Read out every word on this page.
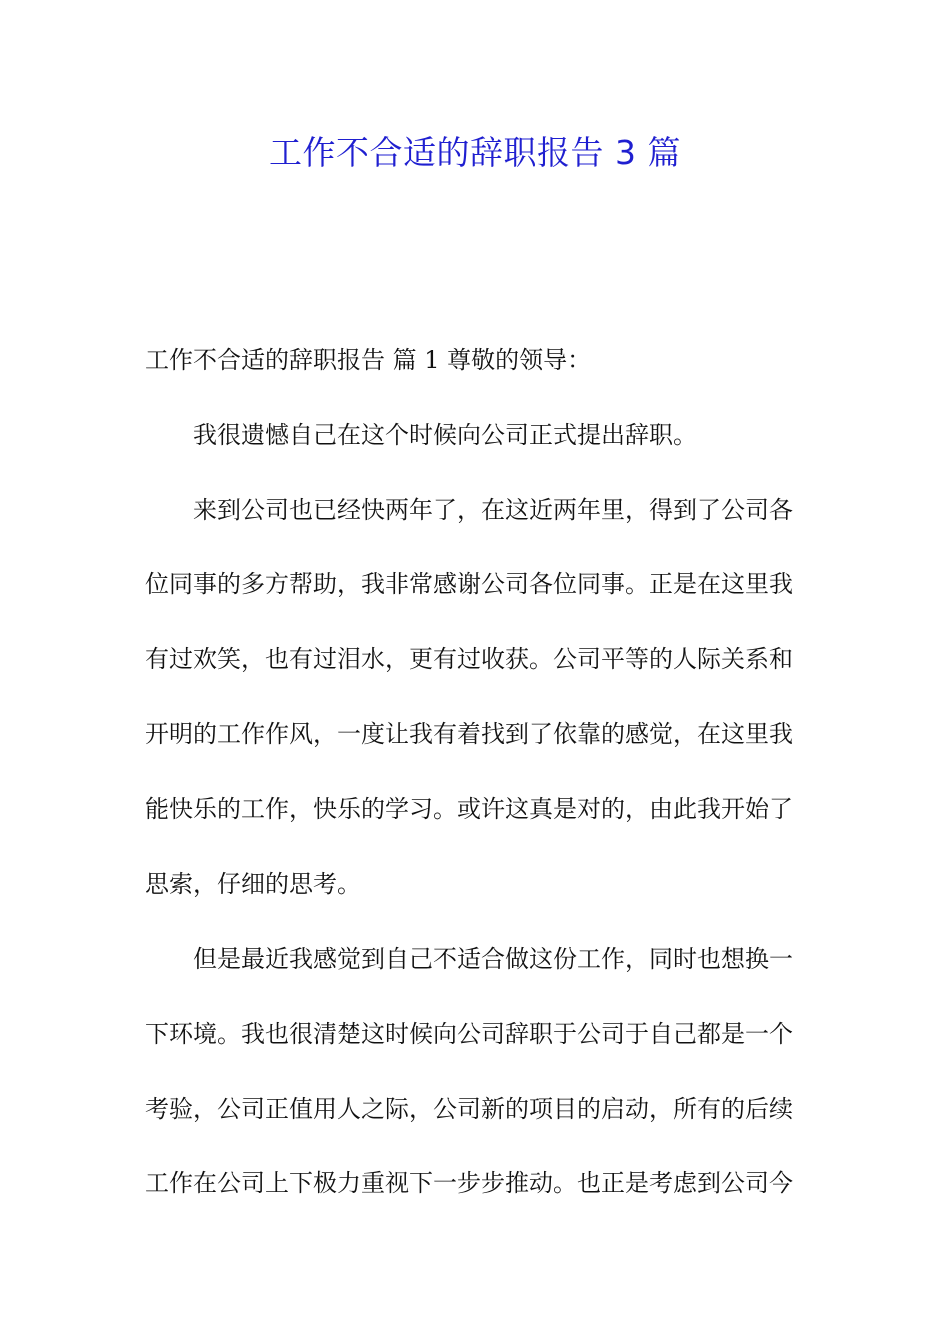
工作不合适的辞职报告 3 篇
工作不合适的辞职报告 篇 1 尊敬的领导：
我很遗憾自己在这个时候向公司正式提出辞职。
来到公司也已经快两年了，在这近两年里，得到了公司各
位同事的多方帮助，我非常感谢公司各位同事。正是在这里我
有过欢笑，也有过泪水，更有过收获。公司平等的人际关系和
开明的工作作风，一度让我有着找到了依靠的感觉，在这里我
能快乐的工作，快乐的学习。或许这真是对的，由此我开始了
思索，仔细的思考。
但是最近我感觉到自己不适合做这份工作，同时也想换一
下环境。我也很清楚这时候向公司辞职于公司于自己都是一个
考验，公司正值用人之际，公司新的项目的启动，所有的后续
工作在公司上下极力重视下一步步推动。也正是考虑到公司今
